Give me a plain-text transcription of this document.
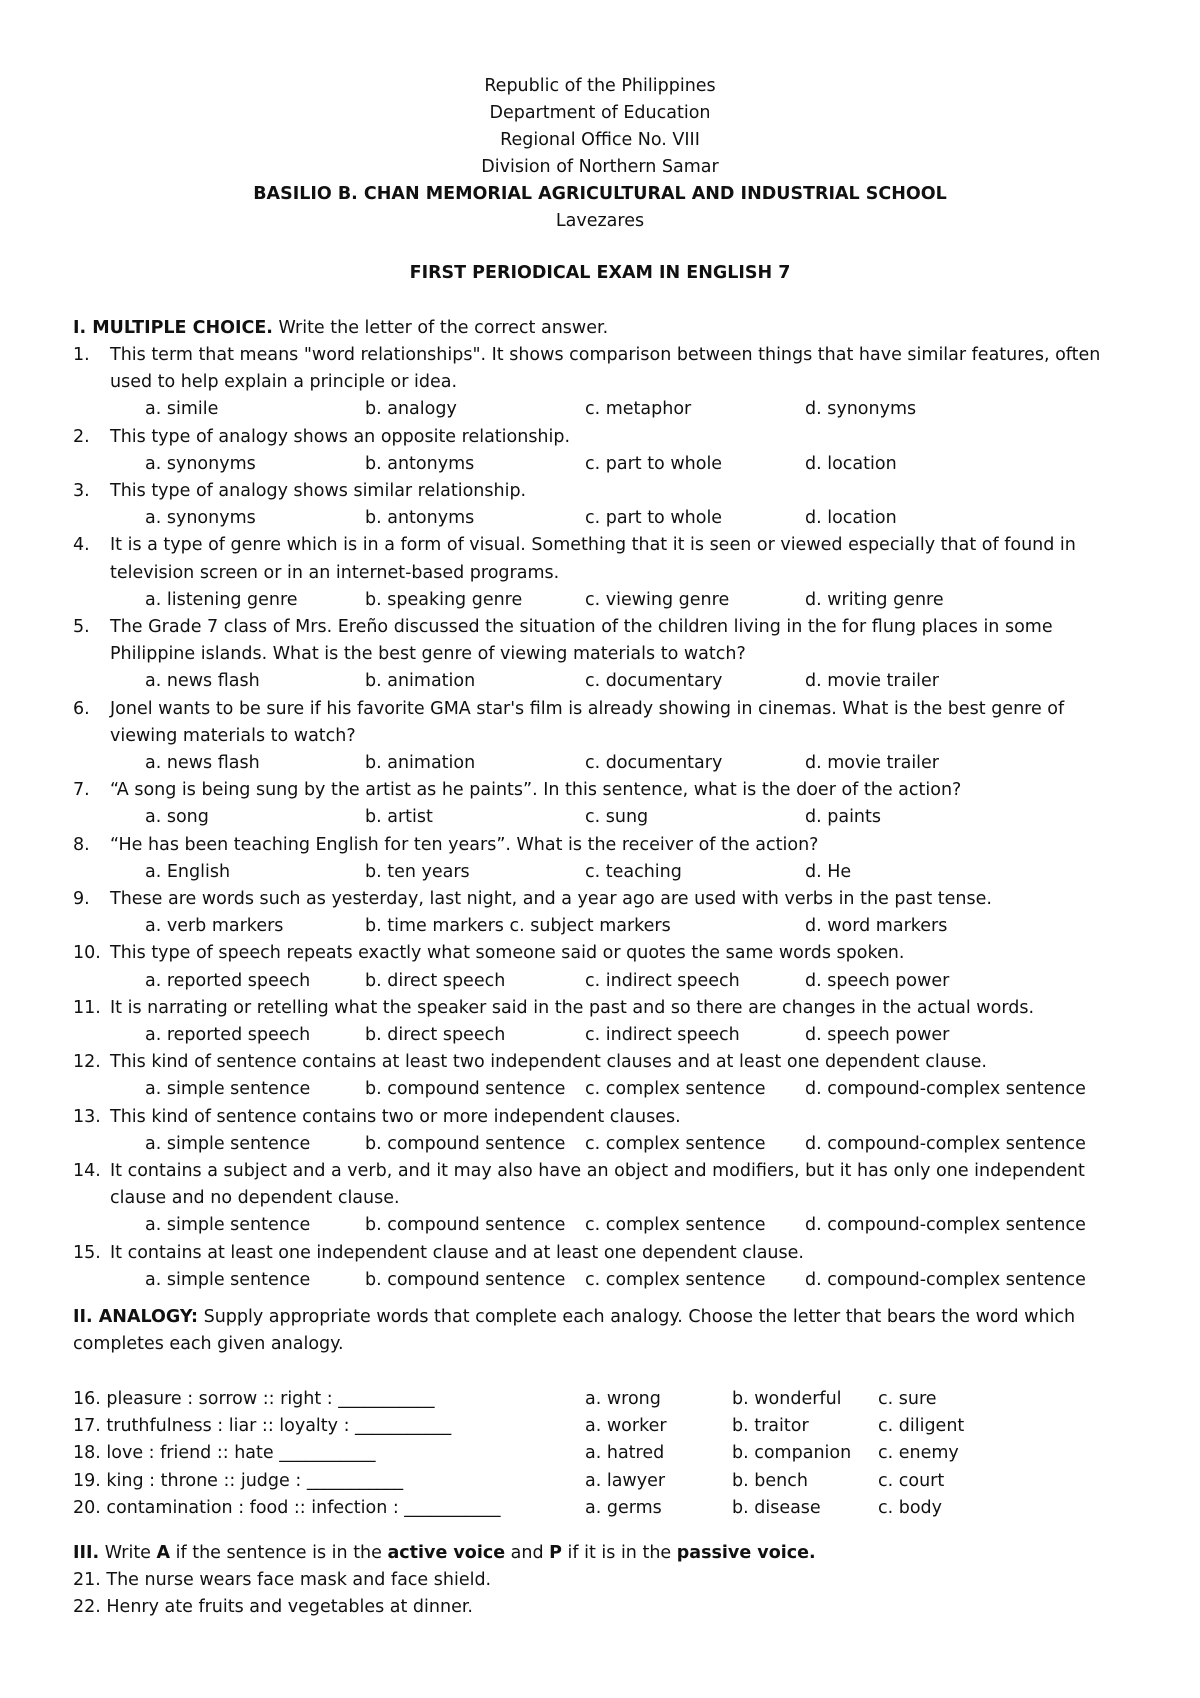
Republic of the Philippines
Department of Education
Regional Office No. VIII
Division of Northern Samar
BASILIO B. CHAN MEMORIAL AGRICULTURAL AND INDUSTRIAL SCHOOL
Lavezares
FIRST PERIODICAL EXAM IN ENGLISH 7
I. MULTIPLE CHOICE. Write the letter of the correct answer.
1. This term that means "word relationships". It shows comparison between things that have similar features, often
used to help explain a principle or idea.
a. simile	b. analogy	c. metaphor	d. synonyms
2. This type of analogy shows an opposite relationship.
a. synonyms	b. antonyms	c. part to whole	d. location
3. This type of analogy shows similar relationship.
a. synonyms	b. antonyms	c. part to whole	d. location
4. It is a type of genre which is in a form of visual. Something that it is seen or viewed especially that of found in
television screen or in an internet-based programs.
a. listening genre	b. speaking genre	c. viewing genre	d. writing genre
5. The Grade 7 class of Mrs. Ereño discussed the situation of the children living in the for flung places in some
Philippine islands. What is the best genre of viewing materials to watch?
a. news flash	b. animation	c. documentary	d. movie trailer
6. Jonel wants to be sure if his favorite GMA star's film is already showing in cinemas. What is the best genre of
viewing materials to watch?
a. news flash	b. animation	c. documentary	d. movie trailer
7. “A song is being sung by the artist as he paints”. In this sentence, what is the doer of the action?
a. song	b. artist	c. sung	d. paints
8. “He has been teaching English for ten years”. What is the receiver of the action?
a. English	b. ten years	c. teaching	d. He
9. These are words such as yesterday, last night, and a year ago are used with verbs in the past tense.
a. verb markers	b. time markers c. subject markers	d. word markers
10. This type of speech repeats exactly what someone said or quotes the same words spoken.
a. reported speech	b. direct speech	c. indirect speech	d. speech power
11. It is narrating or retelling what the speaker said in the past and so there are changes in the actual words.
a. reported speech	b. direct speech	c. indirect speech	d. speech power
12. This kind of sentence contains at least two independent clauses and at least one dependent clause.
a. simple sentence	b. compound sentence c. complex sentence d. compound-complex sentence
13. This kind of sentence contains two or more independent clauses.
a. simple sentence	b. compound sentence c. complex sentence d. compound-complex sentence
14. It contains a subject and a verb, and it may also have an object and modifiers, but it has only one independent
clause and no dependent clause.
a. simple sentence	b. compound sentence c. complex sentence d. compound-complex sentence
15. It contains at least one independent clause and at least one dependent clause.
a. simple sentence	b. compound sentence c. complex sentence d. compound-complex sentence
II. ANALOGY: Supply appropriate words that complete each analogy. Choose the letter that bears the word which
completes each given analogy.
16. pleasure : sorrow :: right : ___________	a. wrong	b. wonderful c. sure
17. truthfulness : liar :: loyalty : ___________	a. worker	b. traitor	c. diligent
18. love : friend :: hate ___________	a. hatred	b. companion c. enemy
19. king : throne :: judge : ___________	a. lawyer	b. bench	c. court
20. contamination : food :: infection : ___________	a. germs	b. disease	c. body
III. Write A if the sentence is in the active voice and P if it is in the passive voice.
21. The nurse wears face mask and face shield.
22. Henry ate fruits and vegetables at dinner.
